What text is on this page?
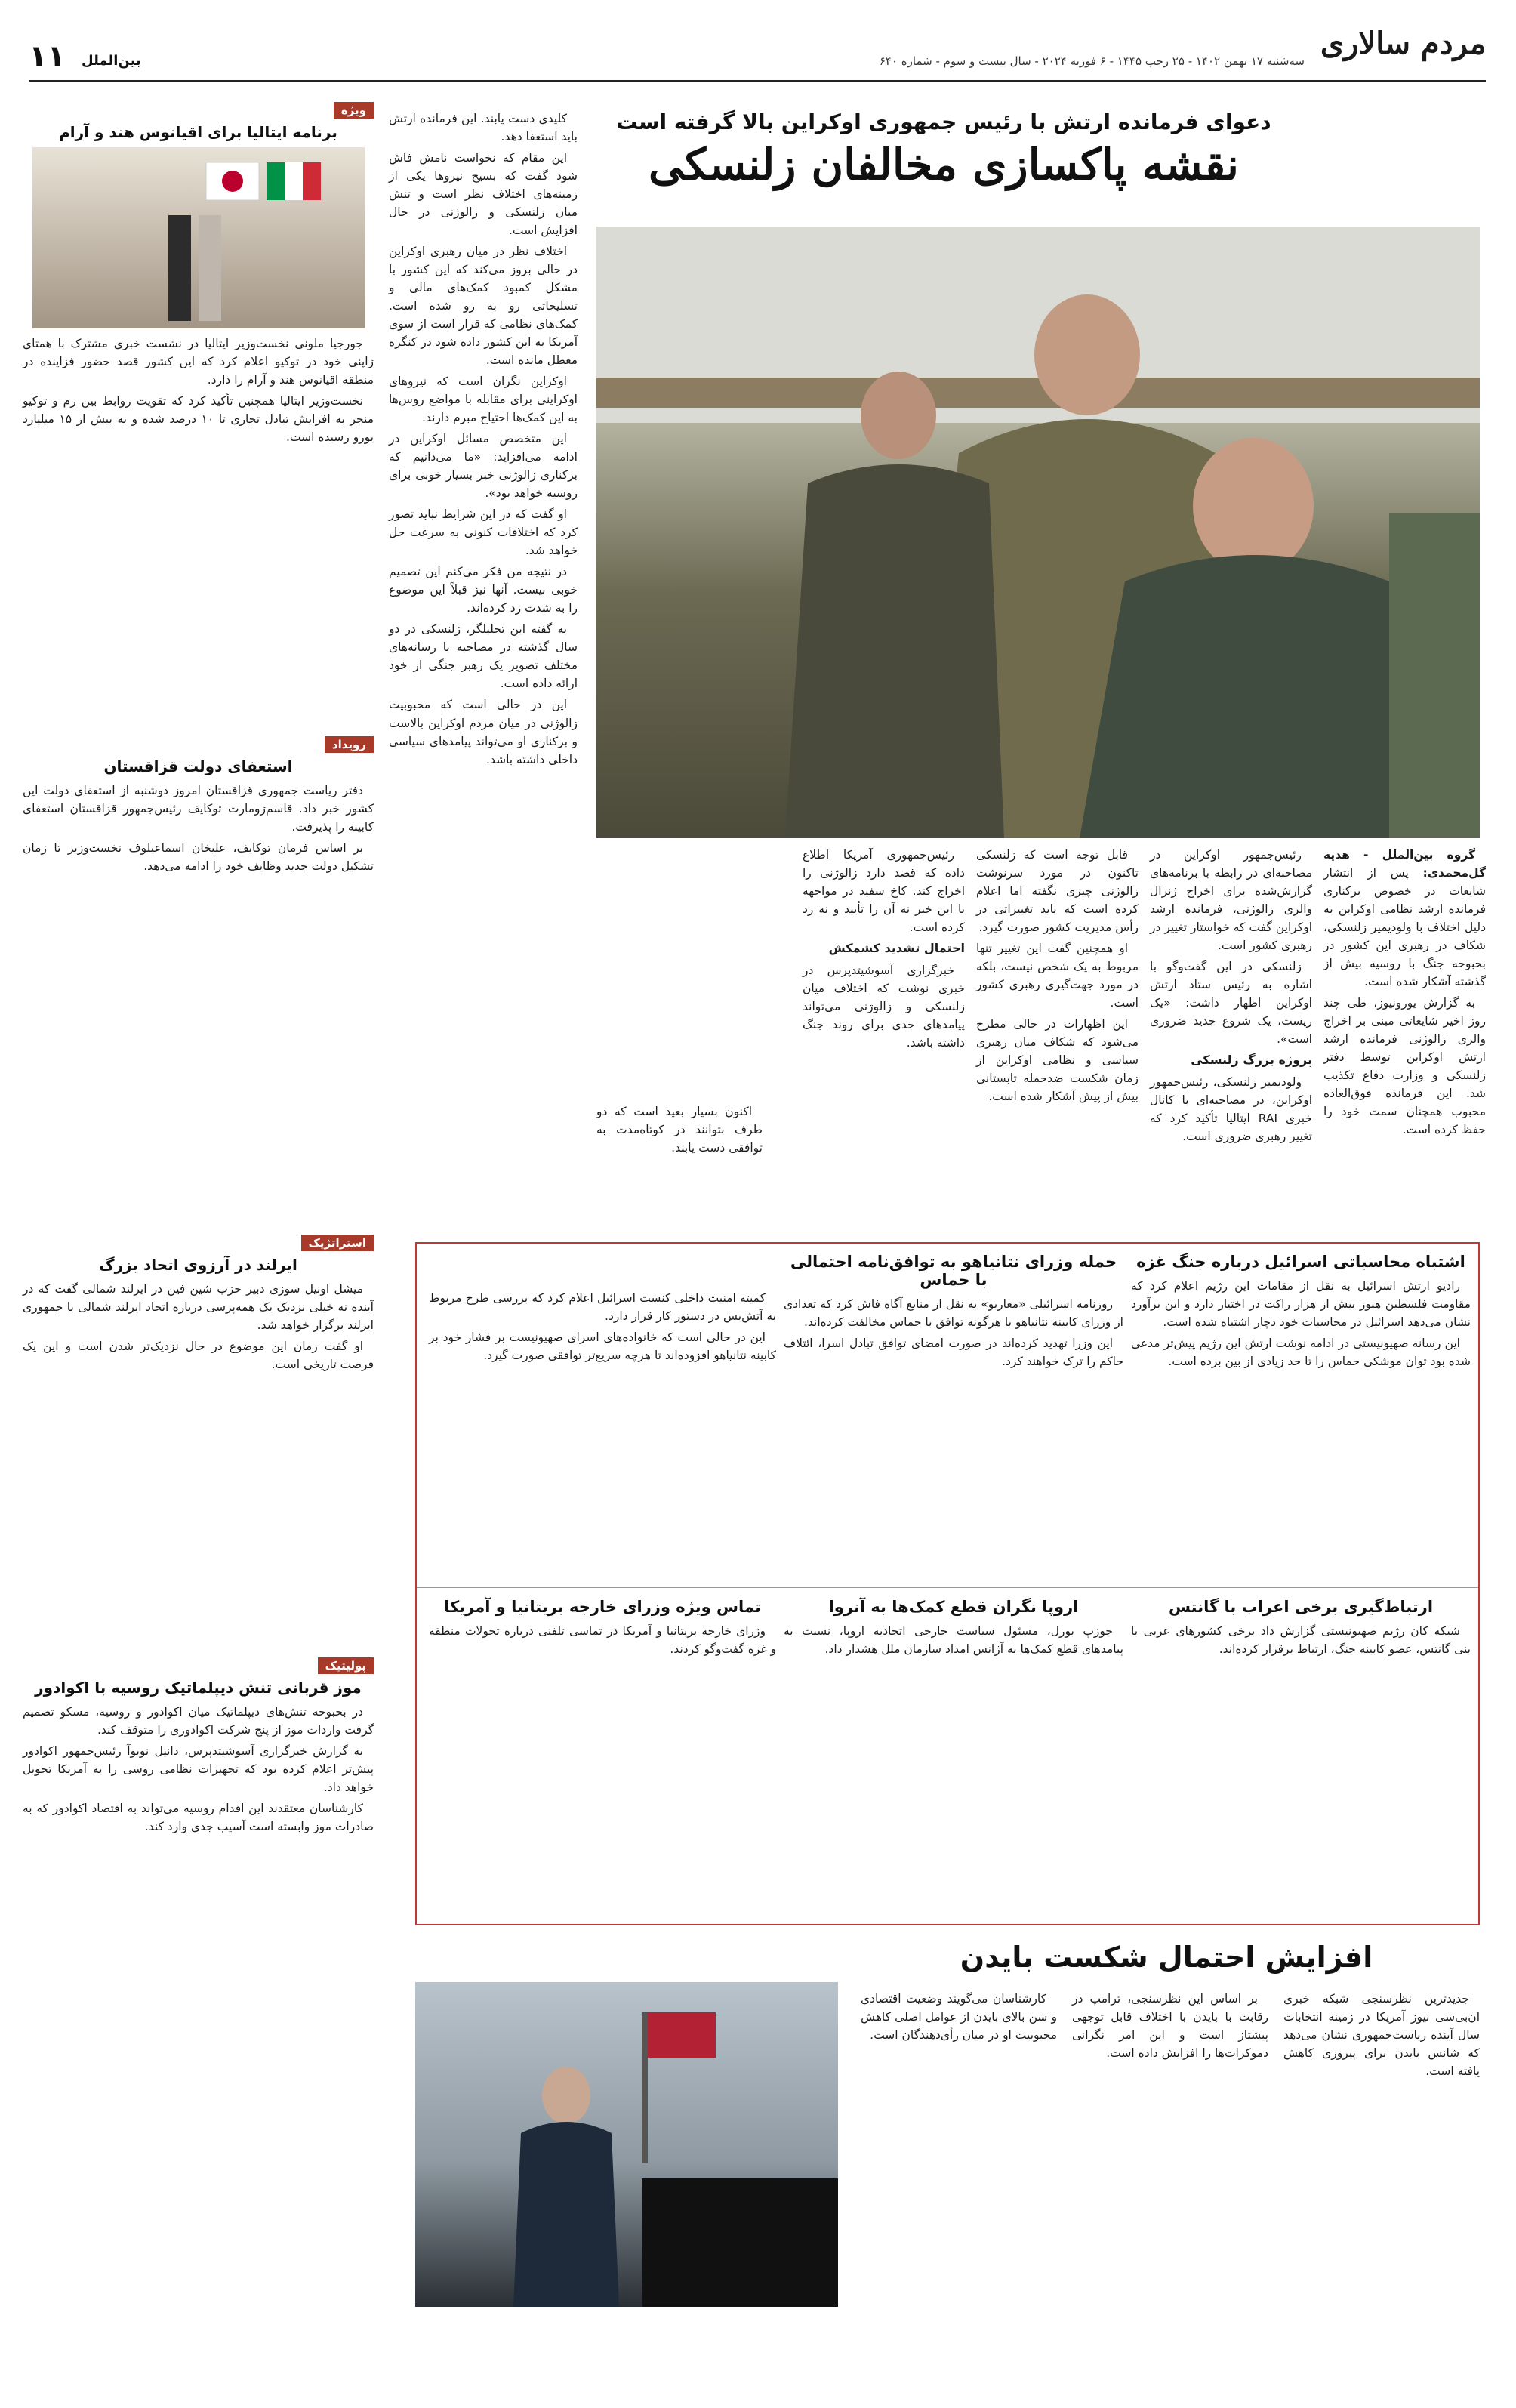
مردم سالاری
سه‌شنبه ۱۷ بهمن ۱۴۰۲ - ۲۵ رجب ۱۴۴۵ - ۶ فوریه ۲۰۲۴ - سال بیست و سوم - شماره ۶۴۰
بین‌الملل
۱۱
دعوای فرمانده ارتش با رئیس جمهوری اوکراین بالا گرفته است
نقشه پاکسازی مخالفان زلنسکی

گروه بین‌الملل - هدیه گل‌محمدی: پس از انتشار شایعات در خصوص برکناری فرمانده ارشد نظامی اوکراین به دلیل اختلاف با ولودیمیر زلنسکی، شکاف در رهبری این کشور در بحبوحه جنگ با روسیه بیش از گذشته آشکار شده است.

به گزارش یورونیوز، طی چند روز اخیر شایعاتی مبنی بر اخراج والری زالوژنی فرمانده ارشد ارتش اوکراین توسط دفتر زلنسکی و وزارت دفاع تکذیب شد. این فرمانده فوق‌العاده محبوب همچنان سمت خود را حفظ کرده است.

رئیس‌جمهور اوکراین در مصاحبه‌ای در رابطه با برنامه‌های گزارش‌شده برای اخراج ژنرال والری زالوژنی، فرمانده ارشد اوکراین گفت که خواستار تغییر در رهبری کشور است.

زلنسکی در این گفت‌وگو با اشاره به رئیس ستاد ارتش اوکراین اظهار داشت: «یک ریست، یک شروع جدید ضروری است».

پروژه بزرگ زلنسکی

ولودیمیر زلنسکی، رئیس‌جمهور اوکراین، در مصاحبه‌ای با کانال خبری RAI ایتالیا تأکید کرد که تغییر رهبری ضروری است.

قابل توجه است که زلنسکی تاکنون در مورد سرنوشت زالوژنی چیزی نگفته اما اعلام کرده است که باید تغییراتی در رأس مدیریت کشور صورت گیرد.

او همچنین گفت این تغییر تنها مربوط به یک شخص نیست، بلکه در مورد جهت‌گیری رهبری کشور است.

این اظهارات در حالی مطرح می‌شود که شکاف میان رهبری سیاسی و نظامی اوکراین از زمان شکست ضدحمله تابستانی بیش از پیش آشکار شده است.

رئیس‌جمهوری آمریکا اطلاع داده که قصد دارد زالوژنی را اخراج کند. کاخ سفید در مواجهه با این خبر نه آن را تأیید و نه رد کرده است.

احتمال تشدید کشمکش

خبرگزاری آسوشیتدپرس در خبری نوشت که اختلاف میان زلنسکی و زالوژنی می‌تواند پیامدهای جدی برای روند جنگ داشته باشد.

کلیدی دست یابند. این فرمانده ارتش باید استعفا دهد.

این مقام که نخواست نامش فاش شود گفت که بسیج نیروها یکی از زمینه‌های اختلاف نظر است و تنش میان زلنسکی و زالوژنی در حال افزایش است.

اختلاف نظر در میان رهبری اوکراین در حالی بروز می‌کند که این کشور با مشکل کمبود کمک‌های مالی و تسلیحاتی رو به رو شده است. کمک‌های نظامی که قرار است از سوی آمریکا به این کشور داده شود در کنگره معطل مانده است.

اوکراین نگران است که نیروهای اوکراینی برای مقابله با مواضع روس‌ها به این کمک‌ها احتیاج مبرم دارند.

این متخصص مسائل اوکراین در ادامه می‌افزاید: «ما می‌دانیم که برکناری زالوژنی خبر بسیار خوبی برای روسیه خواهد بود».

او گفت که در این شرایط نباید تصور کرد که اختلافات کنونی به سرعت حل خواهد شد.

در نتیجه من فکر می‌کنم این تصمیم خوبی نیست. آنها نیز قبلاً این موضوع را به شدت رد کرده‌اند.

به گفته این تحلیلگر، زلنسکی در دو سال گذشته در مصاحبه با رسانه‌های مختلف تصویر یک رهبر جنگی از خود ارائه داده است.

این در حالی است که محبوبیت زالوژنی در میان مردم اوکراین بالاست و برکناری او می‌تواند پیامدهای سیاسی داخلی داشته باشد.

اکنون بسیار بعید است که دو طرف بتوانند در کوتاه‌مدت به توافقی دست یابند.

اشتباه محاسباتی اسرائیل درباره جنگ غزه

رادیو ارتش اسرائیل به نقل از مقامات این رژیم اعلام کرد که مقاومت فلسطین هنوز بیش از هزار راکت در اختیار دارد و این برآورد نشان می‌دهد اسرائیل در محاسبات خود دچار اشتباه شده است.

این رسانه صهیونیستی در ادامه نوشت ارتش این رژیم پیش‌تر مدعی شده بود توان موشکی حماس را تا حد زیادی از بین برده است.

حمله وزرای نتانیاهو به توافق‌نامه احتمالی با حماس

روزنامه اسرائیلی «معاریو» به نقل از منابع آگاه فاش کرد که تعدادی از وزرای کابینه نتانیاهو با هرگونه توافق با حماس مخالفت کرده‌اند.

این وزرا تهدید کرده‌اند در صورت امضای توافق تبادل اسرا، ائتلاف حاکم را ترک خواهند کرد.

کمیته امنیت داخلی کنست اسرائیل اعلام کرد که بررسی طرح مربوط به آتش‌بس در دستور کار قرار دارد.

این در حالی است که خانواده‌های اسرای صهیونیست بر فشار خود بر کابینه نتانیاهو افزوده‌اند تا هرچه سریع‌تر توافقی صورت گیرد.

ارتباط‌گیری برخی اعراب با گانتس

شبکه کان رژیم صهیونیستی گزارش داد برخی کشورهای عربی با بنی گانتس، عضو کابینه جنگ، ارتباط برقرار کرده‌اند.

اروپا نگران قطع کمک‌ها به آنروا

جوزپ بورل، مسئول سیاست خارجی اتحادیه اروپا، نسبت به پیامدهای قطع کمک‌ها به آژانس امداد سازمان ملل هشدار داد.

تماس ویژه وزرای خارجه بریتانیا و آمریکا

وزرای خارجه بریتانیا و آمریکا در تماسی تلفنی درباره تحولات منطقه و غزه گفت‌وگو کردند.

افزایش احتمال شکست بایدن

جدیدترین نظرسنجی شبکه خبری ان‌بی‌سی نیوز آمریکا در زمینه انتخابات سال آینده ریاست‌جمهوری نشان می‌دهد که شانس بایدن برای پیروزی کاهش یافته است.

بر اساس این نظرسنجی، ترامپ در رقابت با بایدن با اختلاف قابل توجهی پیشتاز است و این امر نگرانی دموکرات‌ها را افزایش داده است.

کارشناسان می‌گویند وضعیت اقتصادی و سن بالای بایدن از عوامل اصلی کاهش محبوبیت او در میان رأی‌دهندگان است.

ویژه
برنامه ایتالیا برای اقیانوس هند و آرام

جورجیا ملونی نخست‌وزیر ایتالیا در نشست خبری مشترک با همتای ژاپنی خود در توکیو اعلام کرد که این کشور قصد حضور فزاینده در منطقه اقیانوس هند و آرام را دارد.

نخست‌وزیر ایتالیا همچنین تأکید کرد که تقویت روابط بین رم و توکیو منجر به افزایش تبادل تجاری تا ۱۰ درصد شده و به بیش از ۱۵ میلیارد یورو رسیده است.

رویداد
استعفای دولت قزاقستان

دفتر ریاست جمهوری قزاقستان امروز دوشنبه از استعفای دولت این کشور خبر داد. قاسم‌ژومارت توکایف رئیس‌جمهور قزاقستان استعفای کابینه را پذیرفت.

بر اساس فرمان توکایف، علیخان اسماعیلوف نخست‌وزیر تا زمان تشکیل دولت جدید وظایف خود را ادامه می‌دهد.

استراتژیک
ایرلند در آرزوی اتحاد بزرگ

میشل اونیل سوزی دبیر حزب شین فین در ایرلند شمالی گفت که در آینده نه خیلی نزدیک یک همه‌پرسی درباره اتحاد ایرلند شمالی با جمهوری ایرلند برگزار خواهد شد.

او گفت زمان این موضوع در حال نزدیک‌تر شدن است و این یک فرصت تاریخی است.

پولیتیک
موز قربانی تنش دیپلماتیک روسیه با اکوادور

در بحبوحه تنش‌های دیپلماتیک میان اکوادور و روسیه، مسکو تصمیم گرفت واردات موز از پنج شرکت اکوادوری را متوقف کند.

به گزارش خبرگزاری آسوشیتدپرس، دانیل نوبوآ رئیس‌جمهور اکوادور پیش‌تر اعلام کرده بود که تجهیزات نظامی روسی را به آمریکا تحویل خواهد داد.

کارشناسان معتقدند این اقدام روسیه می‌تواند به اقتصاد اکوادور که به صادرات موز وابسته است آسیب جدی وارد کند.
